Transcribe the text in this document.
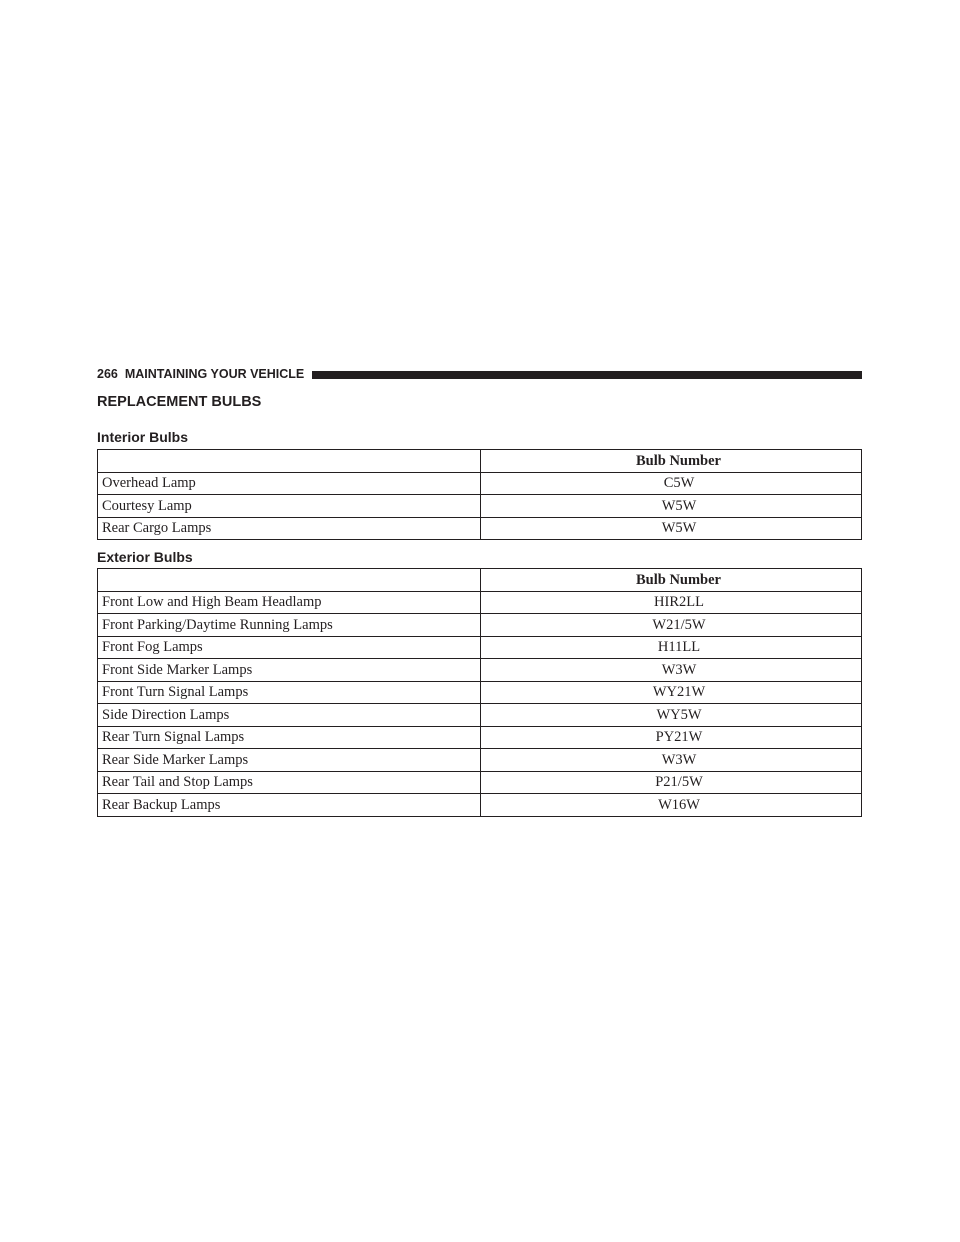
266 MAINTAINING YOUR VEHICLE
REPLACEMENT BULBS
Interior Bulbs
	Bulb Number
Overhead Lamp	C5W
Courtesy Lamp	W5W
Rear Cargo Lamps	W5W
Exterior Bulbs
	Bulb Number
Front Low and High Beam Headlamp	HIR2LL
Front Parking/Daytime Running Lamps	W21/5W
Front Fog Lamps	H11LL
Front Side Marker Lamps	W3W
Front Turn Signal Lamps	WY21W
Side Direction Lamps	WY5W
Rear Turn Signal Lamps	PY21W
Rear Side Marker Lamps	W3W
Rear Tail and Stop Lamps	P21/5W
Rear Backup Lamps	W16W
